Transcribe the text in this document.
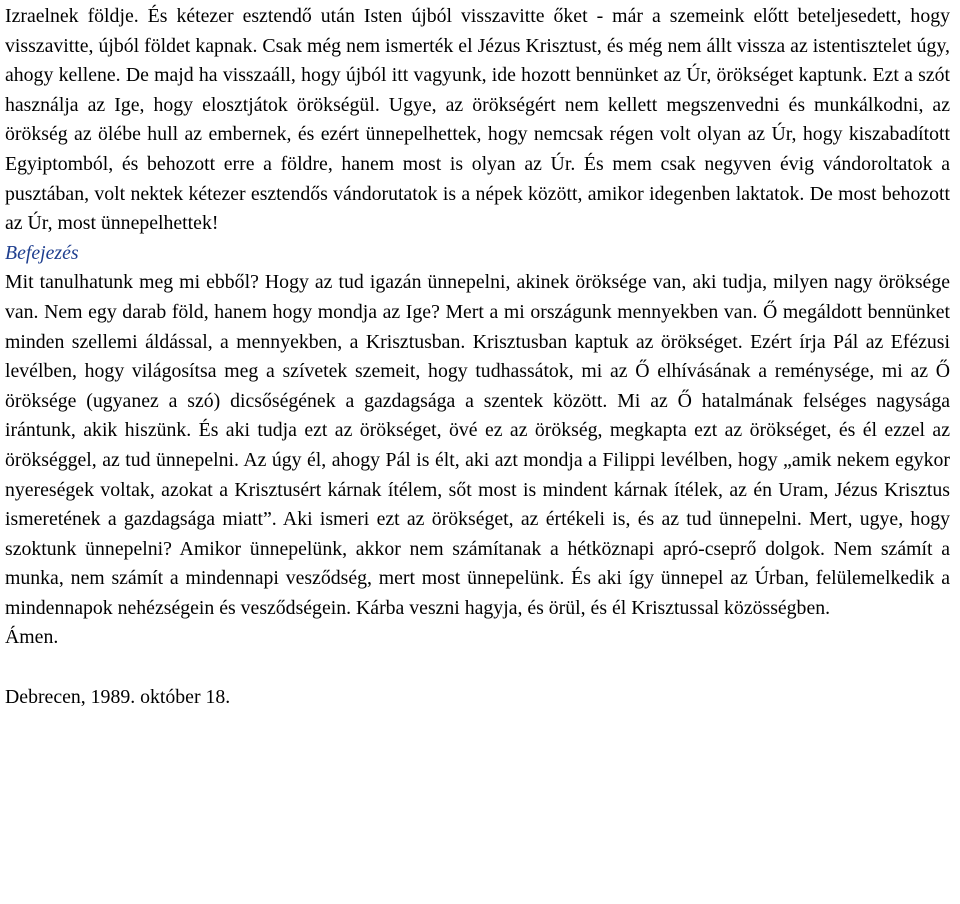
Izraelnek földje. És kétezer esztendő után Isten újból visszavitte őket - már a szemeink előtt beteljesedett, hogy visszavitte, újból földet kapnak. Csak még nem ismerték el Jézus Krisztust, és még nem állt vissza az istentisztelet úgy, ahogy kellene. De majd ha visszaáll, hogy újból itt vagyunk, ide hozott bennünket az Úr, örökséget kaptunk. Ezt a szót használja az Ige, hogy elosztjátok örökségül. Ugye, az örökségért nem kellett megszenvedni és munkálkodni, az örökség az ölébe hull az embernek, és ezért ünnepelhettek, hogy nemcsak régen volt olyan az Úr, hogy kiszabadított Egyiptomból, és behozott erre a földre, hanem most is olyan az Úr. És mem csak negyven évig vándoroltatok a pusztában, volt nektek kétezer esztendős vándorutatok is a népek között, amikor idegenben laktatok. De most behozott az Úr, most ünnepelhettek!

Befejezés

Mit tanulhatunk meg mi ebből? Hogy az tud igazán ünnepelni, akinek öröksége van, aki tudja, milyen nagy öröksége van. Nem egy darab föld, hanem hogy mondja az Ige? Mert a mi országunk mennyekben van. Ő megáldott bennünket minden szellemi áldással, a mennyekben, a Krisztusban. Krisztusban kaptuk az örökséget. Ezért írja Pál az Efézusi levélben, hogy világosítsa meg a szívetek szemeit, hogy tudhassátok, mi az Ő elhívásának a reménysége, mi az Ő öröksége (ugyanez a szó) dicsőségének a gazdagsága a szentek között. Mi az Ő hatalmának felséges nagysága irántunk, akik hiszünk. És aki tudja ezt az örökséget, övé ez az örökség, megkapta ezt az örökséget, és él ezzel az örökséggel, az tud ünnepelni. Az úgy él, ahogy Pál is élt, aki azt mondja a Filippi levélben, hogy „amik nekem egykor nyereségek voltak, azokat a Krisztusért kárnak ítélem, sőt most is mindent kárnak ítélek, az én Uram, Jézus Krisztus ismeretének a gazdagsága miatt”. Aki ismeri ezt az örökséget, az értékeli is, és az tud ünnepelni. Mert, ugye, hogy szoktunk ünnepelni? Amikor ünnepelünk, akkor nem számítanak a hétköznapi apró-cseprő dolgok. Nem számít a munka, nem számít a mindennapi vesződség, mert most ünnepelünk. És aki így ünnepel az Úrban, felülemelkedik a mindennapok nehézségein és vesződségein. Kárba veszni hagyja, és örül, és él Krisztussal közösségben.

Ámen.

Debrecen, 1989. október 18.
